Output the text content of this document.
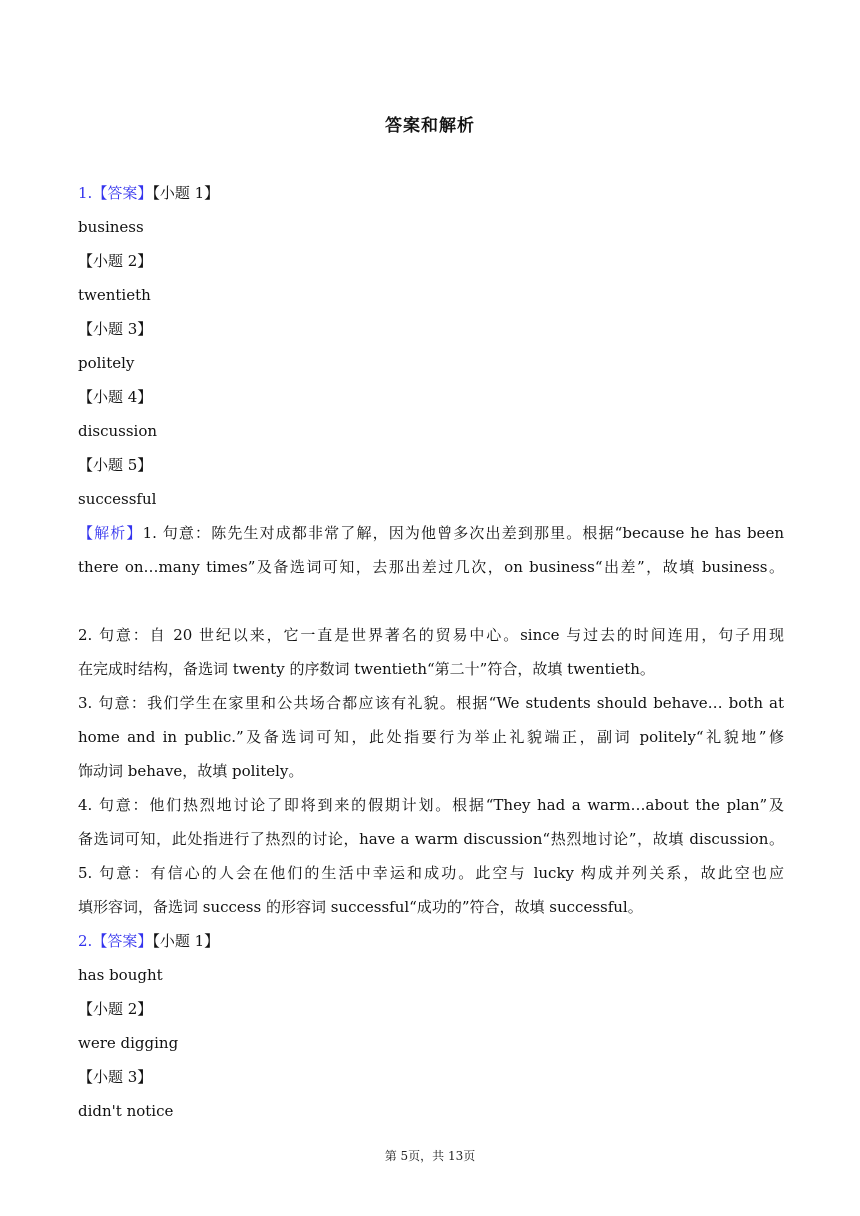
答案和解析
1.【答案】【小题 1】
business
【小题 2】
twentieth
【小题 3】
politely
【小题 4】
discussion
【小题 5】
successful
【解析】1. 句意：陈先生对成都非常了解，因为他曾多次出差到那里。根据“because he has been
there on…many times”及备选词可知，去那出差过几次，on business“出差”，故填 business。
2. 句意：自 20 世纪以来，它一直是世界著名的贸易中心。since 与过去的时间连用，句子用现
在完成时结构，备选词 twenty 的序数词 twentieth“第二十”符合，故填 twentieth。
3. 句意：我们学生在家里和公共场合都应该有礼貌。根据“We students should behave… both at
home and in public.”及备选词可知，此处指要行为举止礼貌端正，副词 politely“礼貌地”修
饰动词 behave，故填 politely。
4. 句意：他们热烈地讨论了即将到来的假期计划。根据“They had a warm…about the plan”及
备选词可知，此处指进行了热烈的讨论，have a warm discussion“热烈地讨论”，故填 discussion。
5. 句意：有信心的人会在他们的生活中幸运和成功。此空与 lucky 构成并列关系，故此空也应
填形容词，备选词 success 的形容词 successful“成功的”符合，故填 successful。
2.【答案】【小题 1】
has bought
【小题 2】
were digging
【小题 3】
didn't notice
第 5页，共 13页
